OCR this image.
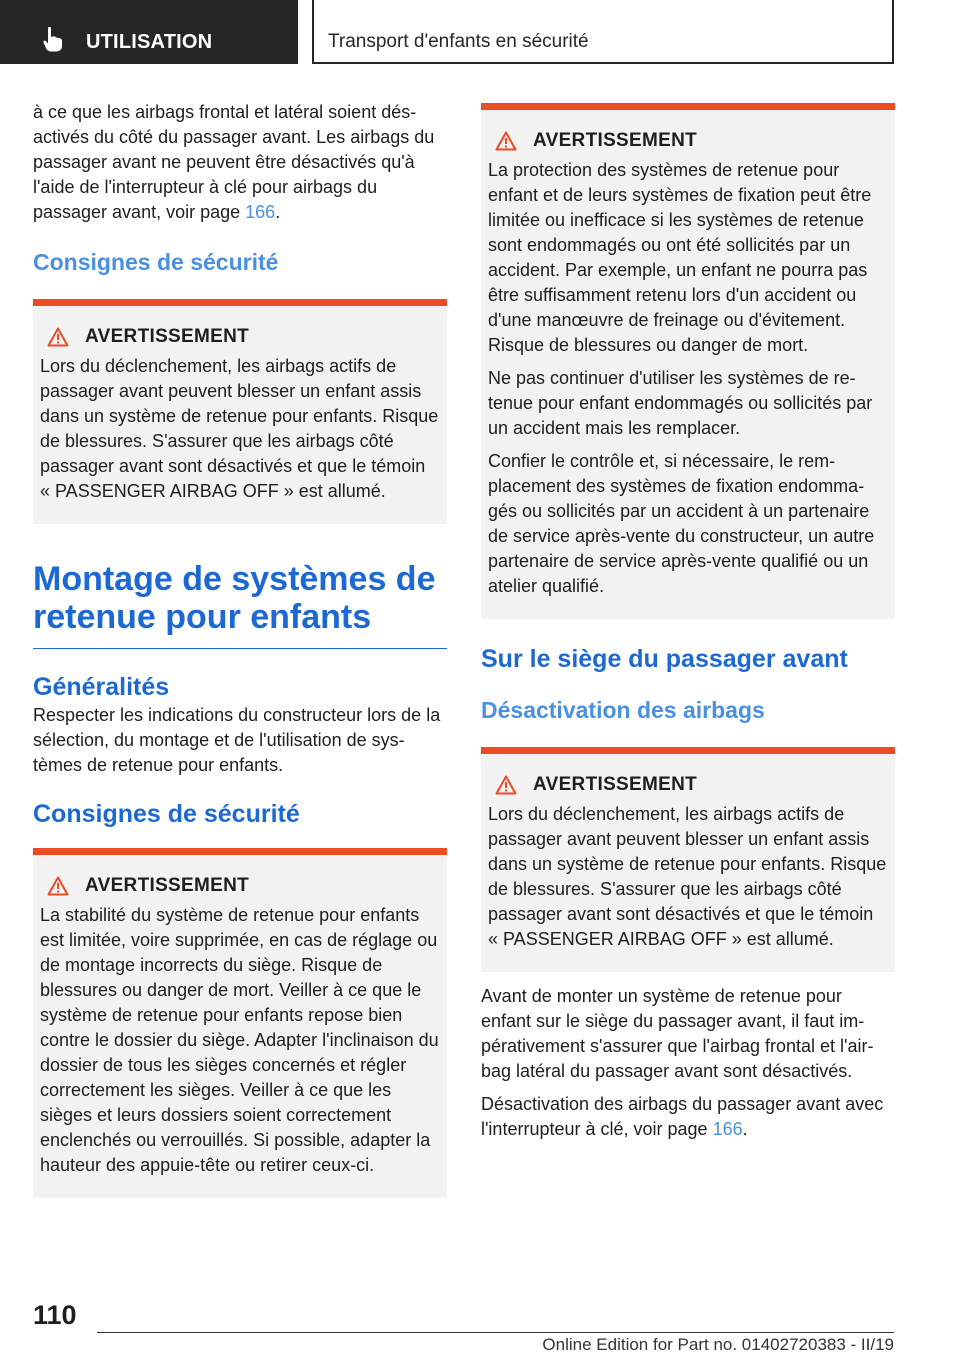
UTILISATION	Transport d'enfants en sécurité

à ce que les airbags frontal et latéral soient désactivés du côté du passager avant. Les airbags du passager avant ne peuvent être désactivés qu'à l'aide de l'interrupteur à clé pour airbags du passager avant, voir page 166.

Consignes de sécurité
AVERTISSEMENT

Lors du déclenchement, les airbags actifs de passager avant peuvent blesser un enfant assis dans un système de retenue pour enfants. Risque de blessures. S'assurer que les airbags côté passager avant sont désactivés et que le témoin « PASSENGER AIRBAG OFF » est allumé.

Montage de systèmes de retenue pour enfants
Généralités

Respecter les indications du constructeur lors de la sélection, du montage et de l'utilisation de systèmes de retenue pour enfants.

Consignes de sécurité
AVERTISSEMENT

La stabilité du système de retenue pour enfants est limitée, voire supprimée, en cas de réglage ou de montage incorrects du siège. Risque de blessures ou danger de mort. Veiller à ce que le système de retenue pour enfants repose bien contre le dossier du siège. Adapter l'inclinaison du dossier de tous les sièges concernés et régler correctement les sièges. Veiller à ce que les sièges et leurs dossiers soient correctement enclenchés ou verrouillés. Si possible, adapter la hauteur des appuie-tête ou retirer ceux-ci.

AVERTISSEMENT

La protection des systèmes de retenue pour enfant et de leurs systèmes de fixation peut être limitée ou inefficace si les systèmes de retenue sont endommagés ou ont été sollicités par un accident. Par exemple, un enfant ne pourra pas être suffisamment retenu lors d'un accident ou d'une manœuvre de freinage ou d'évitement. Risque de blessures ou danger de mort.

Ne pas continuer d'utiliser les systèmes de retenue pour enfant endommagés ou sollicités par un accident mais les remplacer.

Confier le contrôle et, si nécessaire, le remplacement des systèmes de fixation endommagés ou sollicités par un accident à un partenaire de service après-vente du constructeur, un autre partenaire de service après-vente qualifié ou un atelier qualifié.

Sur le siège du passager avant
Désactivation des airbags
AVERTISSEMENT

Lors du déclenchement, les airbags actifs de passager avant peuvent blesser un enfant assis dans un système de retenue pour enfants. Risque de blessures. S'assurer que les airbags côté passager avant sont désactivés et que le témoin « PASSENGER AIRBAG OFF » est allumé.

Avant de monter un système de retenue pour enfant sur le siège du passager avant, il faut impérativement s'assurer que l'airbag frontal et l'airbag latéral du passager avant sont désactivés.

Désactivation des airbags du passager avant avec l'interrupteur à clé, voir page 166.

110
Online Edition for Part no. 01402720383 - II/19
